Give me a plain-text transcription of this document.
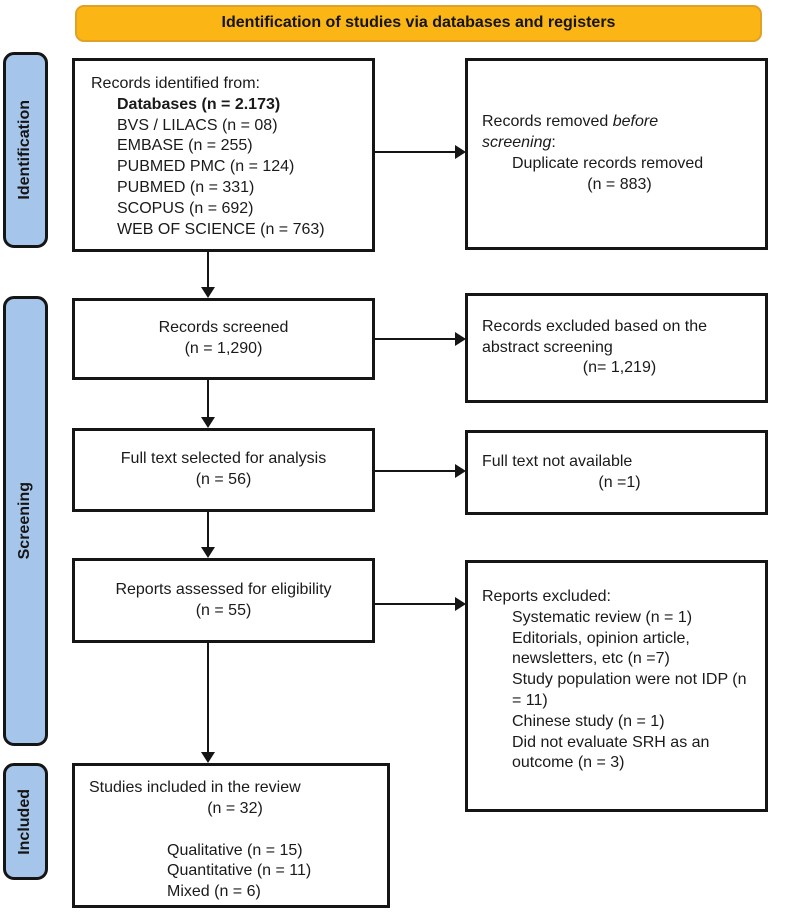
Identification of studies via databases and registers
Identification
Screening
Included
Records identified from:
Databases (n = 2.173)
BVS / LILACS (n = 08)
EMBASE (n = 255)
PUBMED PMC (n = 124)
PUBMED (n = 331)
SCOPUS (n = 692)
WEB OF SCIENCE (n = 763)
Records screened
(n = 1,290)
Full text selected for analysis
(n = 56)
Reports assessed for eligibility
(n = 55)
Studies included in the review
(n = 32)
Qualitative (n = 15)
Quantitative (n = 11)
Mixed (n = 6)

Records removed before screening:

Duplicate records removed
(n = 883)
Records excluded based on the abstract screening
(n= 1,219)
Full text not available
(n =1)
Reports excluded:
Systematic review (n = 1)
Editorials, opinion article, newsletters, etc (n =7)
Study population were not IDP (n = 11)
Chinese study (n = 1)
Did not evaluate SRH as an outcome (n = 3)
